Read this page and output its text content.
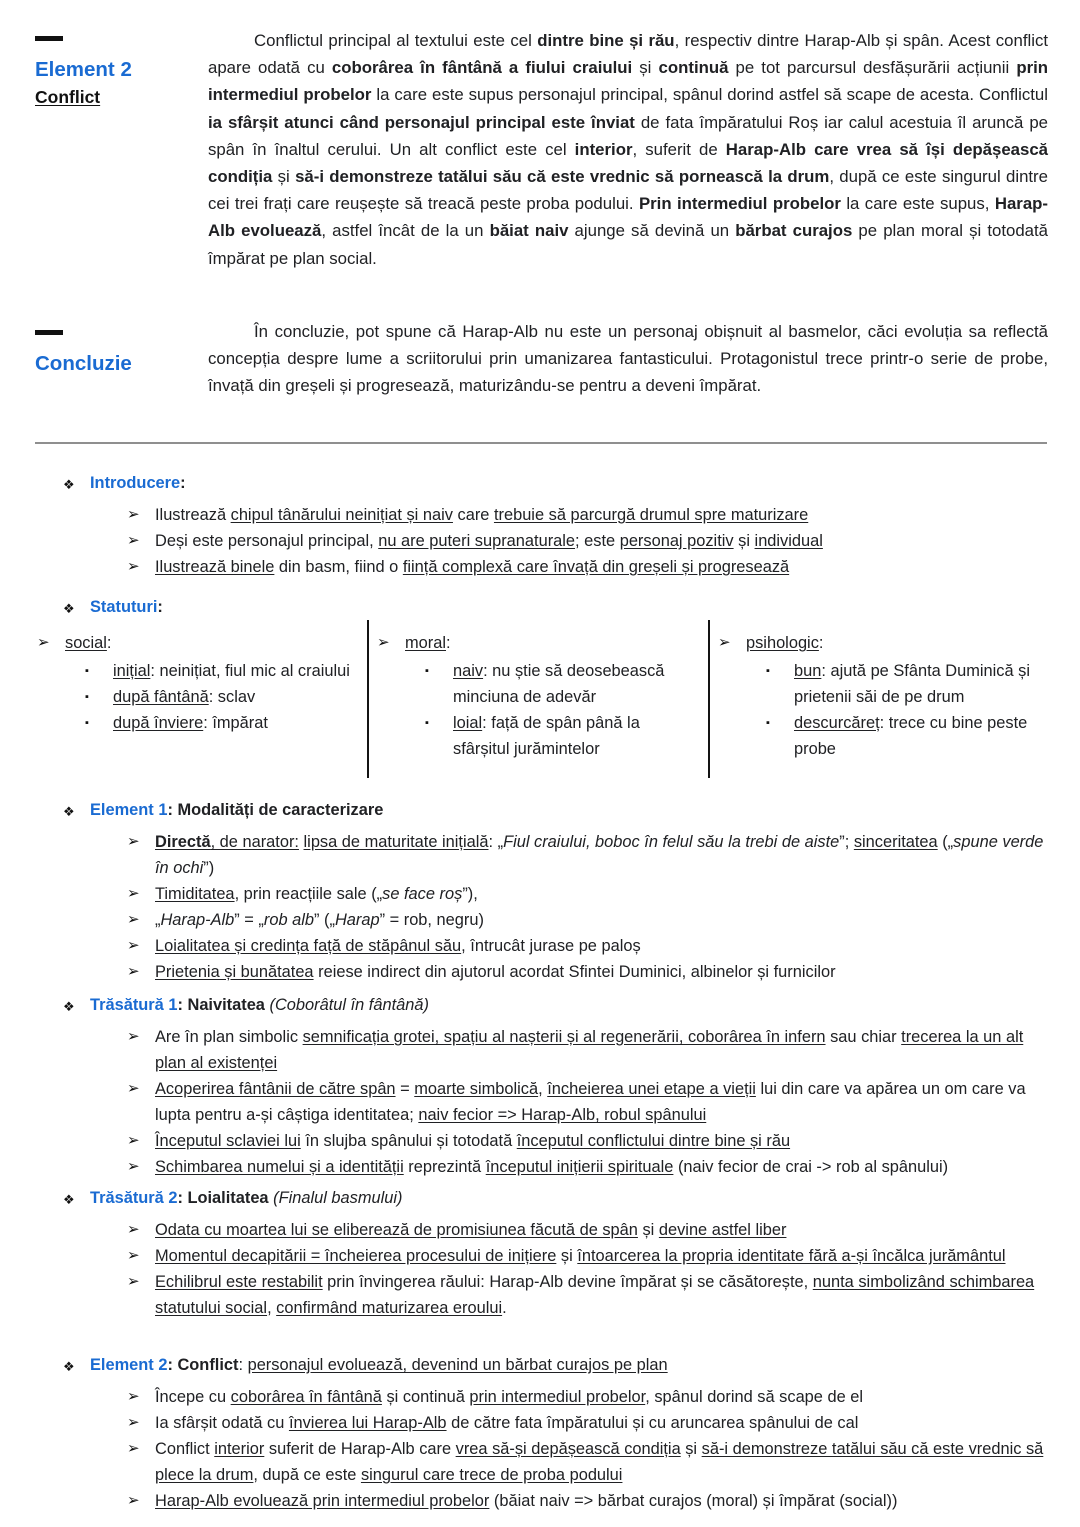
Element 2
Conflict
Conflictul principal al textului este cel dintre bine și rău, respectiv dintre Harap-Alb și spân. Acest conflict apare odată cu coborârea în fântână a fiului craiului și continuă pe tot parcursul desfășurării acțiunii prin intermediul probelor la care este supus personajul principal, spânul dorind astfel să scape de acesta. Conflictul ia sfârșit atunci când personajul principal este înviat de fata împăratului Roș iar calul acestuia îl aruncă pe spân în înaltul cerului. Un alt conflict este cel interior, suferit de Harap-Alb care vrea să își depășească condiția și să-i demonstreze tatălui său că este vrednic să pornească la drum, după ce este singurul dintre cei trei frați care reușește să treacă peste proba podului. Prin intermediul probelor la care este supus, Harap-Alb evoluează, astfel încât de la un băiat naiv ajunge să devină un bărbat curajos pe plan moral și totodată împărat pe plan social.
Concluzie
În concluzie, pot spune că Harap-Alb nu este un personaj obișnuit al basmelor, căci evoluția sa reflectă concepția despre lume a scriitorului prin umanizarea fantasticului. Protagonistul trece printr-o serie de probe, învață din greșeli și progresează, maturizându-se pentru a deveni împărat.
❖ Introducere:
➢ Ilustrează chipul tânărului neinițiat și naiv care trebuie să parcurgă drumul spre maturizare
➢ Deși este personajul principal, nu are puteri supranaturale; este personaj pozitiv și individual
➢ Ilustrează binele din basm, fiind o ființă complexă care învață din greșeli și progresează
❖ Statuturi:
➢ social:
▪ inițial: neinițiat, fiul mic al craiului
▪ după fântână: sclav
▪ după înviere: împărat
➢ moral:
▪ naiv: nu știe să deosebească minciuna de adevăr
▪ loial: față de spân până la sfârșitul jurămintelor
➢ psihologic:
▪ bun: ajută pe Sfânta Duminică și prietenii săi de pe drum
▪ descurcăreț: trece cu bine peste probe
❖ Element 1: Modalități de caracterizare
➢ Directă, de narator: lipsa de maturitate inițială: „Fiul craiului, boboc în felul său la trebi de aiste”; sinceritatea („spune verde în ochi”)
➢ Timiditatea, prin reacțiile sale („se face roș”),
➢ „Harap-Alb” = „rob alb” („Harap” = rob, negru)
➢ Loialitatea și credința față de stăpânul său, întrucât jurase pe paloș
➢ Prietenia și bunătatea reiese indirect din ajutorul acordat Sfintei Duminici, albinelor și furnicilor
❖ Trăsătură 1: Naivitatea (Coborâtul în fântână)
➢ Are în plan simbolic semnificația grotei, spațiu al nașterii și al regenerării, coborârea în infern sau chiar trecerea la un alt plan al existenței
➢ Acoperirea fântânii de către spân = moarte simbolică, încheierea unei etape a vieții lui din care va apărea un om care va lupta pentru a-și câștiga identitatea; naiv fecior => Harap-Alb, robul spânului
➢ Începutul sclaviei lui în slujba spânului și totodată începutul conflictului dintre bine și rău
➢ Schimbarea numelui și a identității reprezintă începutul inițierii spirituale (naiv fecior de crai -> rob al spânului)
❖ Trăsătură 2: Loialitatea (Finalul basmului)
➢ Odata cu moartea lui se eliberează de promisiunea făcută de spân și devine astfel liber
➢ Momentul decapitării = încheierea procesului de inițiere și întoarcerea la propria identitate fără a-și încălca jurământul
➢ Echilibrul este restabilit prin învingerea răului: Harap-Alb devine împărat și se căsătorește, nunta simbolizând schimbarea statutului social, confirmând maturizarea eroului.
❖ Element 2: Conflict: personajul evoluează, devenind un bărbat curajos pe plan
➢ Începe cu coborârea în fântână și continuă prin intermediul probelor, spânul dorind să scape de el
➢ Ia sfârșit odată cu învierea lui Harap-Alb de către fata împăratului și cu aruncarea spânului de cal
➢ Conflict interior suferit de Harap-Alb care vrea să-și depășească condiția și să-i demonstreze tatălui său că este vrednic să plece la drum, după ce este singurul care trece de proba podului
➢ Harap-Alb evoluează prin intermediul probelor (băiat naiv => bărbat curajos (moral) și împărat (social))
